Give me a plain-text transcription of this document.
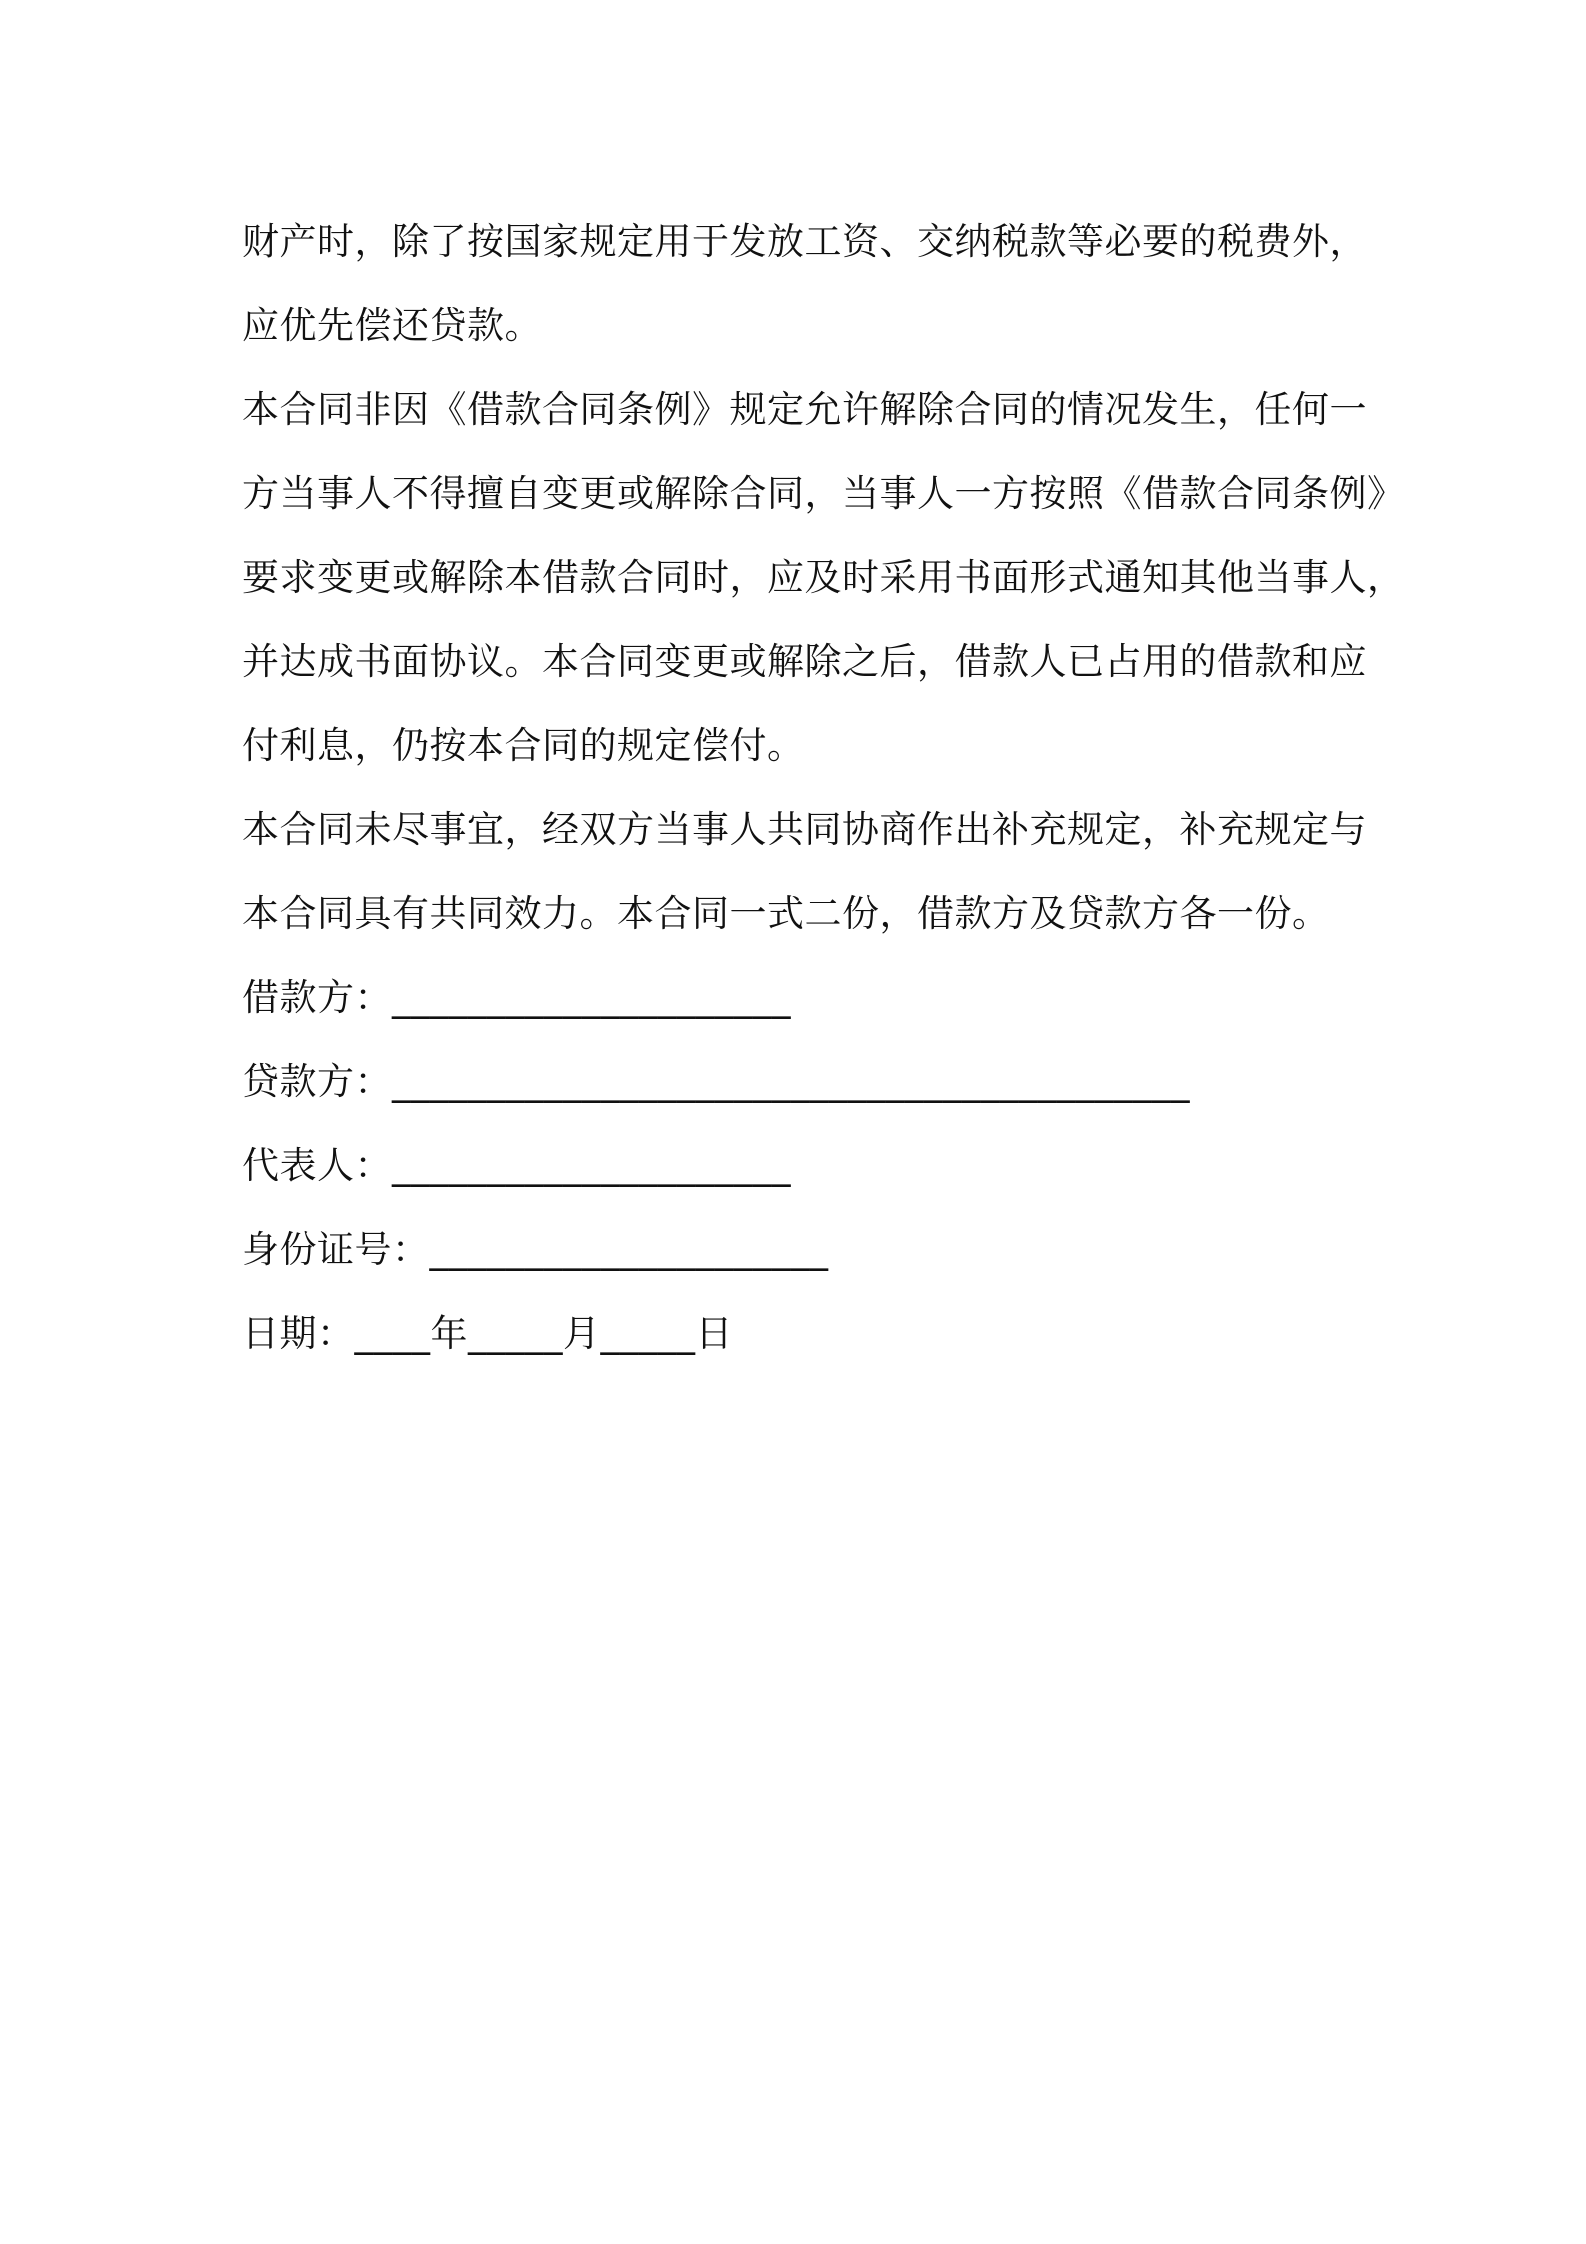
财产时，除了按国家规定用于发放工资、交纳税款等必要的税费外，
应优先偿还贷款。
本合同非因《借款合同条例》规定允许解除合同的情况发生，任何一
方当事人不得擅自变更或解除合同，当事人一方按照《借款合同条例》
要求变更或解除本借款合同时，应及时采用书面形式通知其他当事人，
并达成书面协议。本合同变更或解除之后，借款人已占用的借款和应
付利息，仍按本合同的规定偿付。
本合同未尽事宜，经双方当事人共同协商作出补充规定，补充规定与
本合同具有共同效力。本合同一式二份，借款方及贷款方各一份。
借款方：_____________________
贷款方：__________________________________________
代表人：_____________________
身份证号：_____________________
日期：____年_____月_____日
